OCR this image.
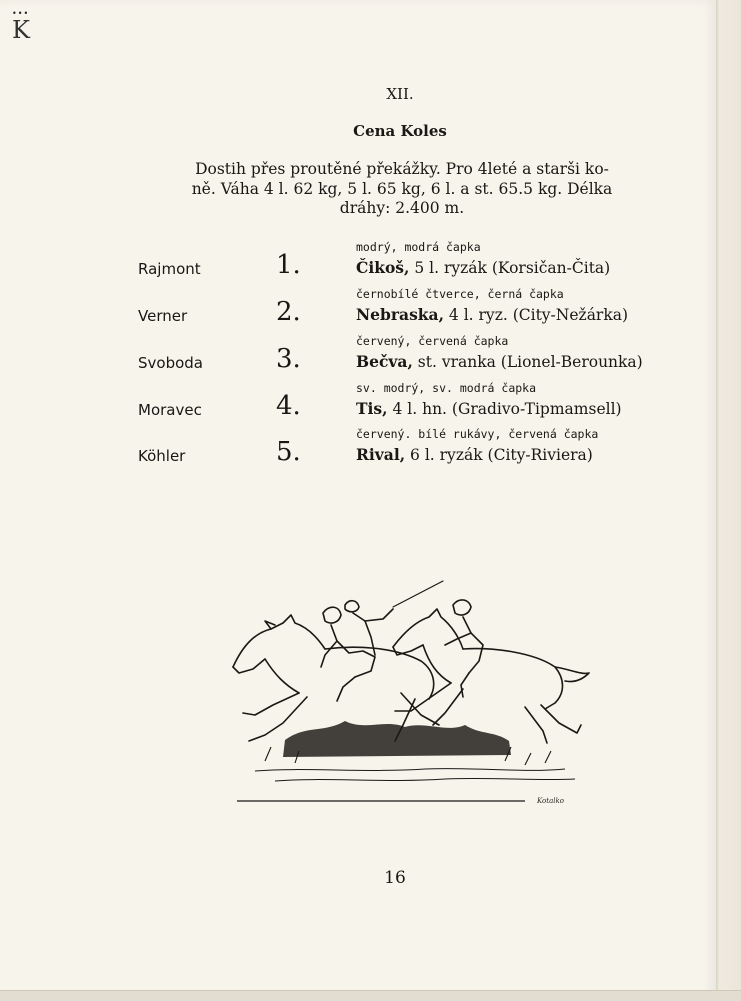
•••
K
XII.
Cena Koles
Dostih přes proutěné překážky. Pro 4leté a starši ko-
ně. Váha 4 l. 62 kg, 5 l. 65 kg, 6 l. a st. 65.5 kg. Délka
dráhy: 2.400 m.
Rajmont	1.
modrý, modrá čapka
Čikoš, 5 l. ryzák (Korsičan-Čita)
Verner	2.
černobílé čtverce, černá čapka
Nebraska, 4 l. ryz. (City-Nežárka)
Svoboda	3.
červený, červená čapka
Bečva, st. vranka (Lionel-Berounka)
Moravec	4.
sv. modrý, sv. modrá čapka
Tis, 4 l. hn. (Gradivo-Tipmamsell)
Köhler	5.
červený. bílé rukávy, červená čapka
Rival, 6 l. ryzák (City-Riviera)
Kotalko
16
